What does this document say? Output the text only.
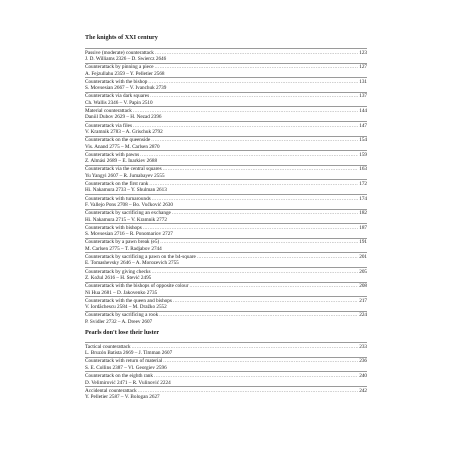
The knights of XXI century
Passive (moderate) counterattack .....	123
J. D. Williams 2326 – D. Swiercz 2646
Counterattack by pinning a piece .....	127
A. Fejzullahu 2359 – Y. Pelletier 2568
Counterattack with the bishop .....	131
S. Movsesian 2667 – V. Ivanchuk 2739
Counterattack via dark squares .....	137
Ch. Wallis 2346 – V. Papin 2510
Material counterattack .....	144
Daniil Dubov 2629 – H. Nezad 2396
Counterattack via files .....	147
V. Kramnik 2783 – A. Grischuk 2792
Counterattack on the queenside .....	154
Vis. Anand 2775 – M. Carlsen 2870
Counterattack with pawns .....	159
Z. Almási 2689 – E. Inarkiev 2688
Counterattack via the central squares .....	163
Yu Yangyi 2607 – R. Jumabayev 2555
Counterattack on the first rank .....	172
Hi. Nakamura 2733 – Y. Shulman 2613
Counterattack with turnarounds .....	174
F. Vallejo Pons 2708 – Bo. Vučković 2630
Counterattack by sacrificing an exchange .....	182
Hi. Nakamura 2715 – V. Kramnik 2772
Counterattack with bishops .....	187
S. Movsesian 2716 – R. Ponomariov 2727
Counterattack by a pawn break (e5) .....	191
M. Carlsen 2775 – T. Radjabov 2744
Counterattack by sacrificing a pawn on the b4-square .....	201
E. Tomashevsky 2646 – A. Morozevich 2755
Counterattack by giving checks .....	205
Z. Kožul 2616 – H. Stević 2495
Counterattack with the bishops of opposite colour .....	208
Ni Hua 2681 – D. Jakovenko 2735
Counterattack with the queen and bishops .....	217
V. Iordăchescu 2584 – M. Dražko 2552
Counterattack by sacrificing a rook .....	224
P. Svidler 2732 – A. Dreev 2607
Pearls don't lose their luster
Tactical counterattack .....	233
L. Bruzón Batista 2669 – J. Timman 2607
Counterattack with return of material .....	236
S. E. Collins 2387 – Vl. Georgiev 2596
Counterattack on the eighth rank .....	240
D. Velimirović 2471 – R. Vulinović 2224
Accidental counterattack .....	242
Y. Pelletier 2587 – V. Bologan 2627
